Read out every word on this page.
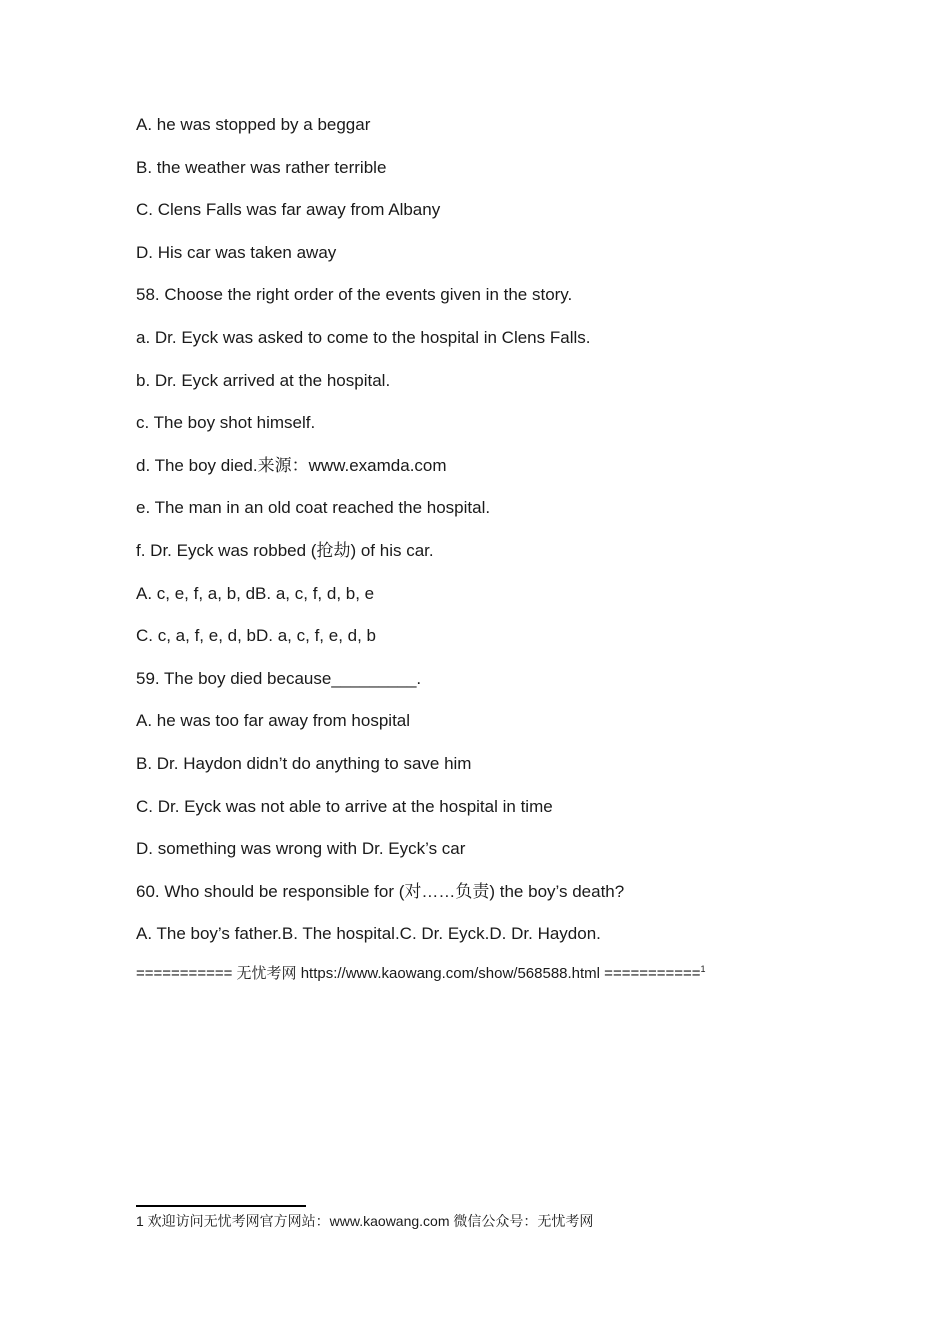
A. he was stopped by a beggar
B. the weather was rather terrible
C. Clens Falls was far away from Albany
D. His car was taken away
58. Choose the right order of the events given in the story.
a. Dr. Eyck was asked to come to the hospital in Clens Falls.
b. Dr. Eyck arrived at the hospital.
c. The boy shot himself.
d. The boy died.来源：www.examda.com
e. The man in an old coat reached the hospital.
f. Dr. Eyck was robbed (抢劫) of his car.
A. c, e, f, a, b, dB. a, c, f, d, b, e
C. c, a, f, e, d, bD. a, c, f, e, d, b
59. The boy died because_________.
A. he was too far away from hospital
B. Dr. Haydon didn’t do anything to save him
C. Dr. Eyck was not able to arrive at the hospital in time
D. something was wrong with Dr. Eyck’s car
60. Who should be responsible for (对……负责) the boy’s death?
A. The boy’s father.B. The hospital.C. Dr. Eyck.D. Dr. Haydon.
=========== 无忧考网 https://www.kaowang.com/show/568588.html ===========$^1$
1 欢迎访问无忧考网官方网站：www.kaowang.com 微信公众号：无忧考网
